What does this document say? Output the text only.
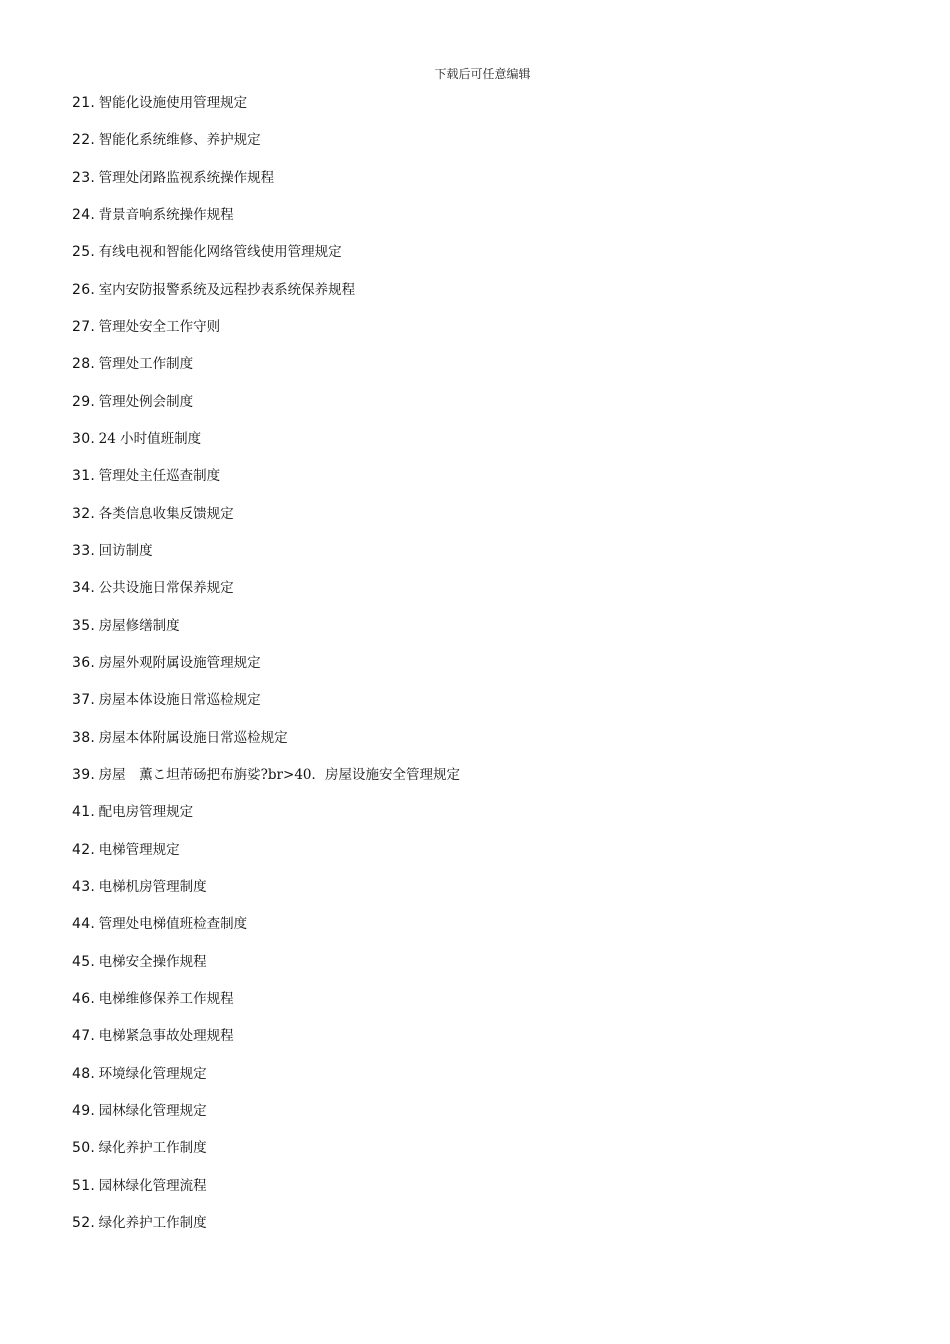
下载后可任意编辑
21. 智能化设施使用管理规定
22. 智能化系统维修、养护规定
23. 管理处闭路监视系统操作规程
24. 背景音响系统操作规程
25. 有线电视和智能化网络管线使用管理规定
26. 室内安防报警系统及远程抄表系统保养规程
27. 管理处安全工作守则
28. 管理处工作制度
29. 管理处例会制度
30. 24 小时值班制度
31. 管理处主任巡查制度
32. 各类信息收集反馈规定
33. 回访制度
34. 公共设施日常保养规定
35. 房屋修缮制度
36. 房屋外观附属设施管理规定
37. 房屋本体设施日常巡检规定
38. 房屋本体附属设施日常巡检规定
39. 房屋　薫こ坦芾砀把布旃娑?br>40．房屋设施安全管理规定
41. 配电房管理规定
42. 电梯管理规定
43. 电梯机房管理制度
44. 管理处电梯值班检查制度
45. 电梯安全操作规程
46. 电梯维修保养工作规程
47. 电梯紧急事故处理规程
48. 环境绿化管理规定
49. 园林绿化管理规定
50. 绿化养护工作制度
51. 园林绿化管理流程
52. 绿化养护工作制度
